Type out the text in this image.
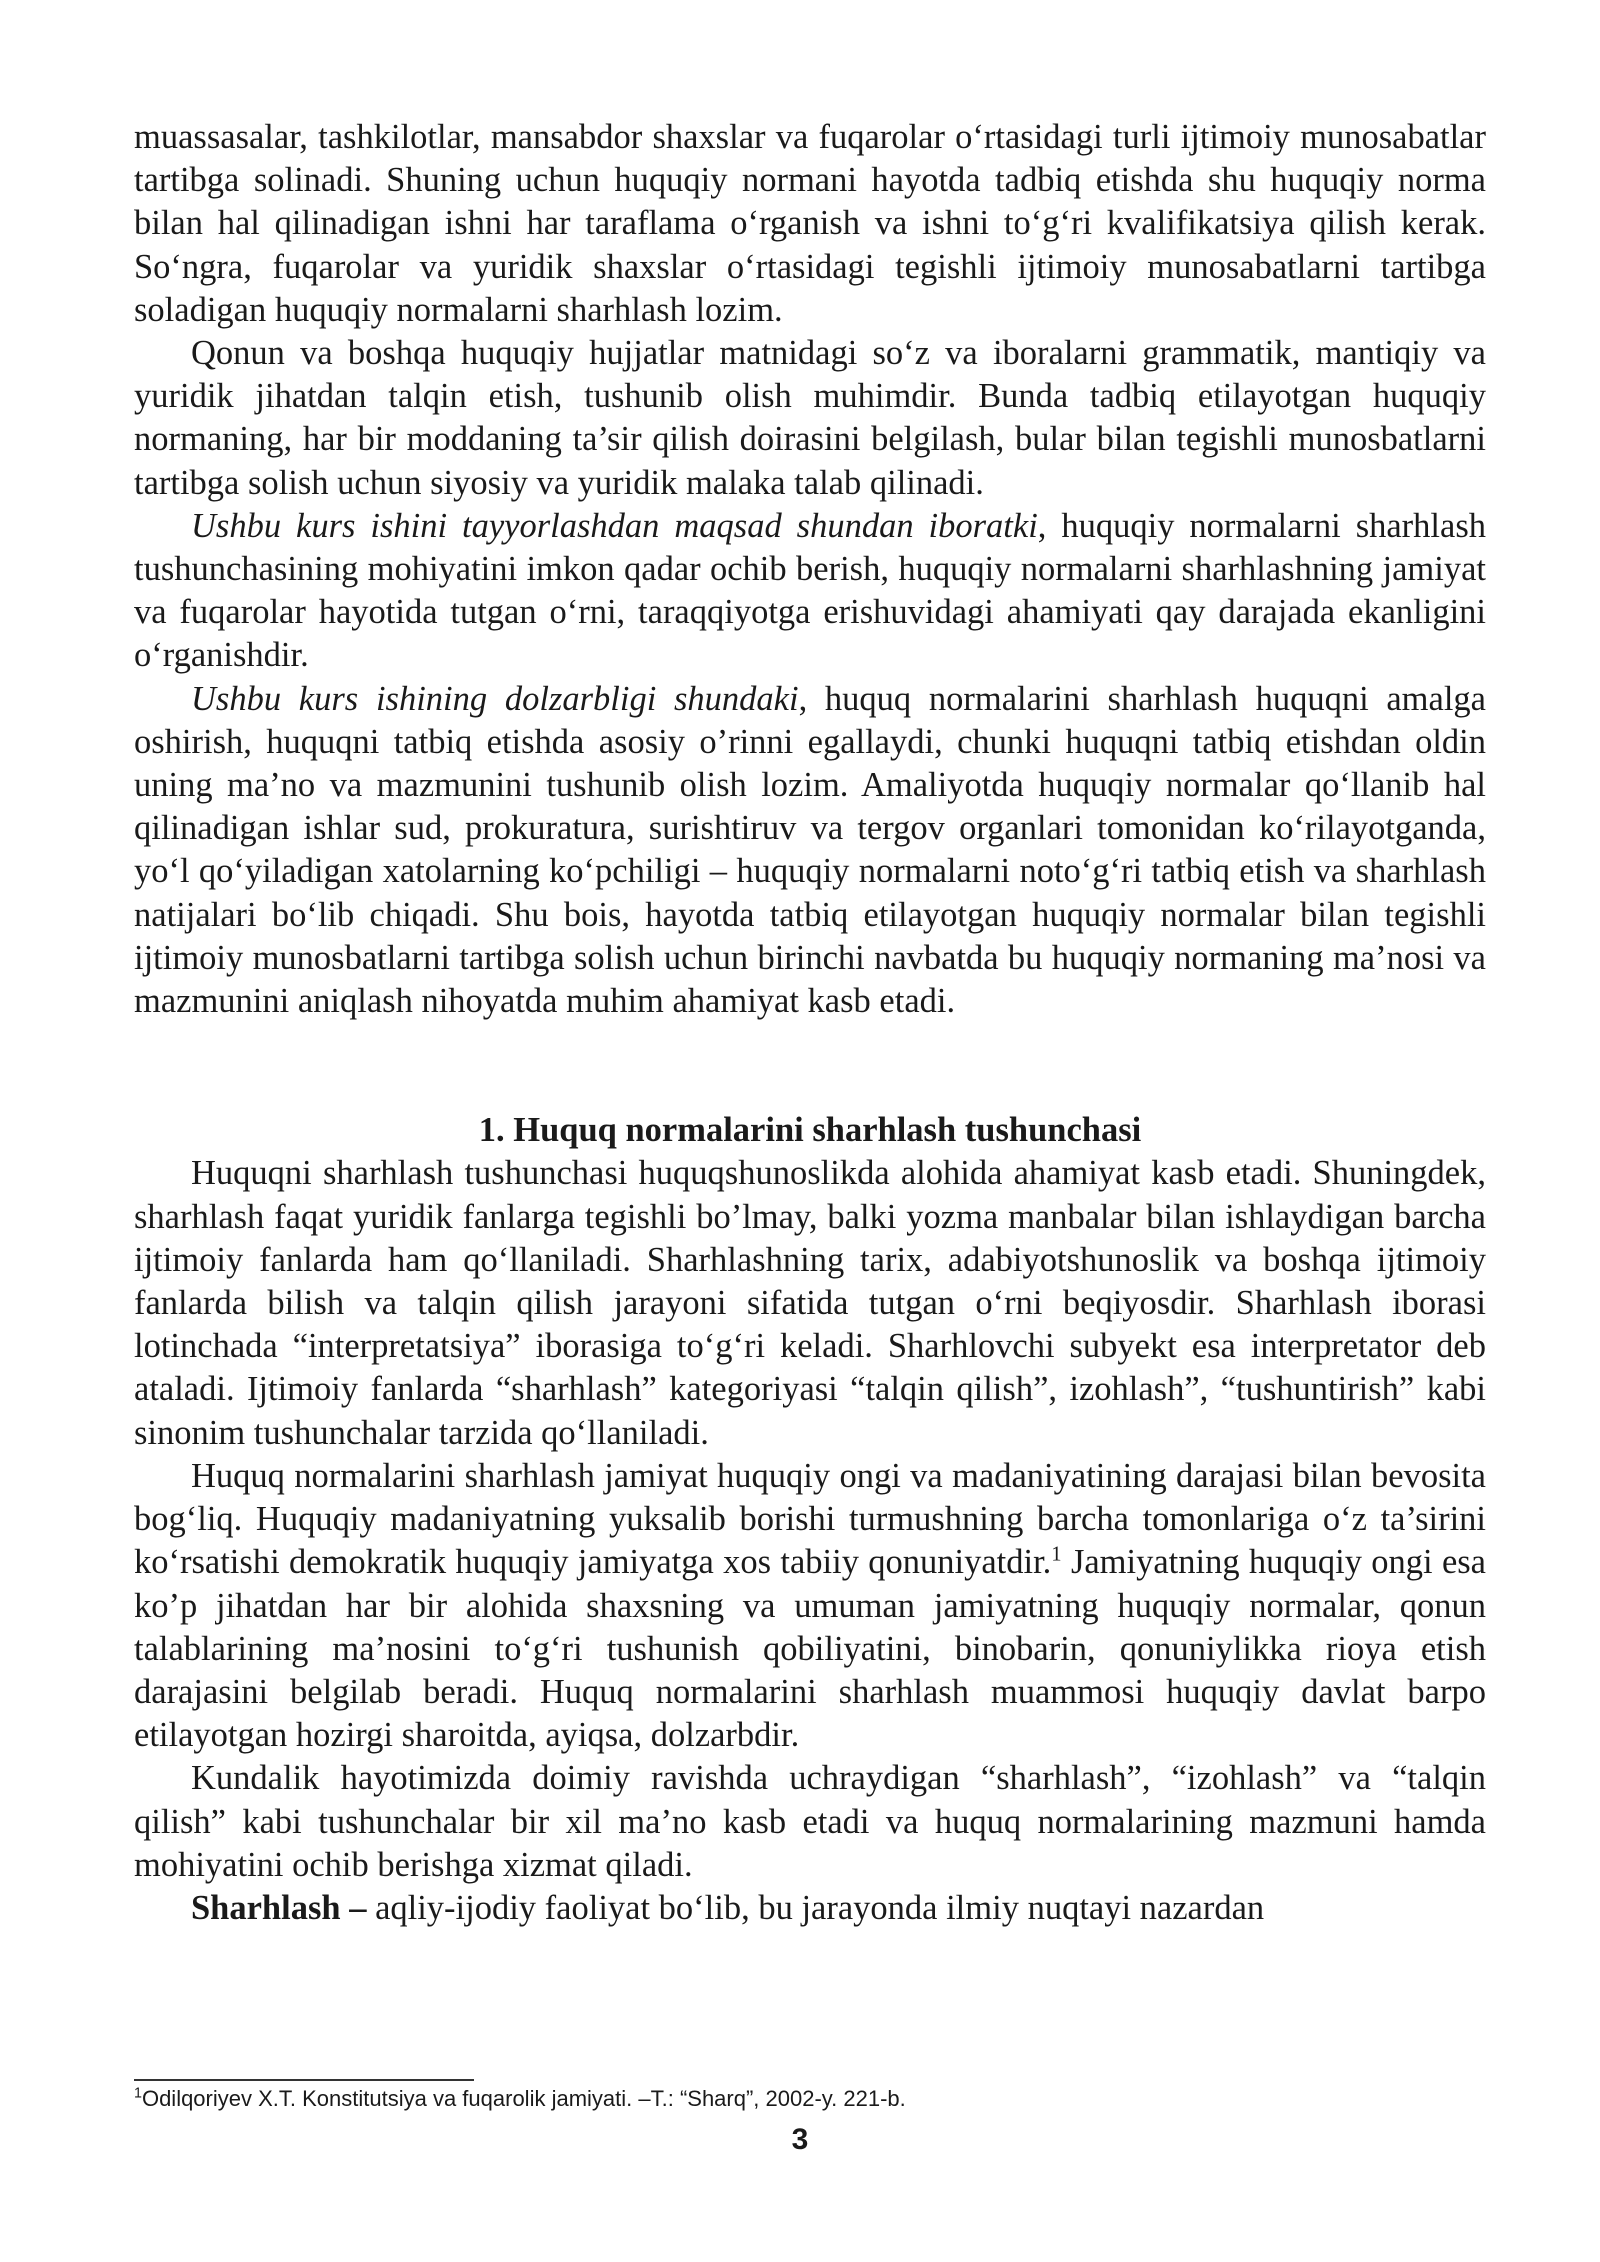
muassasalar, tashkilotlar, mansabdor shaxslar va fuqarolar o‘rtasidagi turli ijtimoiy munosabatlar tartibga solinadi. Shuning uchun huquqiy normani hayotda tadbiq etishda shu huquqiy norma bilan hal qilinadigan ishni har taraflama o‘rganish va ishni to‘g‘ri kvalifikatsiya qilish kerak. So‘ngra, fuqarolar va yuridik shaxslar o‘rtasidagi tegishli ijtimoiy munosabatlarni tartibga soladigan huquqiy normalarni sharhlash lozim.

Qonun va boshqa huquqiy hujjatlar matnidagi so‘z va iboralarni grammatik, mantiqiy va yuridik jihatdan talqin etish, tushunib olish muhimdir. Bunda tadbiq etilayotgan huquqiy normaning, har bir moddaning ta’sir qilish doirasini belgilash, bular bilan tegishli munosbatlarni tartibga solish uchun siyosiy va yuridik malaka talab qilinadi.

Ushbu kurs ishini tayyorlashdan maqsad shundan iboratki, huquqiy normalarni sharhlash tushunchasining mohiyatini imkon qadar ochib berish, huquqiy normalarni sharhlashning jamiyat va fuqarolar hayotida tutgan o‘rni, taraqqiyotga erishuvidagi ahamiyati qay darajada ekanligini o‘rganishdir.

Ushbu kurs ishining dolzarbligi shundaki, huquq normalarini sharhlash huquqni amalga oshirish, huquqni tatbiq etishda asosiy o’rinni egallaydi, chunki huquqni tatbiq etishdan oldin uning ma’no va mazmunini tushunib olish lozim. Amaliyotda huquqiy normalar qo‘llanib hal qilinadigan ishlar sud, prokuratura, surishtiruv va tergov organlari tomonidan ko‘rilayotganda, yo‘l qo‘yiladigan xatolarning ko‘pchiligi – huquqiy normalarni noto‘g‘ri tatbiq etish va sharhlash natijalari bo‘lib chiqadi. Shu bois, hayotda tatbiq etilayotgan huquqiy normalar bilan tegishli ijtimoiy munosbatlarni tartibga solish uchun birinchi navbatda bu huquqiy normaning ma’nosi va mazmunini aniqlash nihoyatda muhim ahamiyat kasb etadi.

1. Huquq normalarini sharhlash tushunchasi

Huquqni sharhlash tushunchasi huquqshunoslikda alohida ahamiyat kasb etadi. Shuningdek, sharhlash faqat yuridik fanlarga tegishli bo’lmay, balki yozma manbalar bilan ishlaydigan barcha ijtimoiy fanlarda ham qo‘llaniladi. Sharhlashning tarix, adabiyotshunoslik va boshqa ijtimoiy fanlarda bilish va talqin qilish jarayoni sifatida tutgan o‘rni beqiyosdir. Sharhlash iborasi lotinchada “interpretatsiya” iborasiga to‘g‘ri keladi. Sharhlovchi subyekt esa interpretator deb ataladi. Ijtimoiy fanlarda “sharhlash” kategoriyasi “talqin qilish”, izohlash”, “tushuntirish” kabi sinonim tushunchalar tarzida qo‘llaniladi.

Huquq normalarini sharhlash jamiyat huquqiy ongi va madaniyatining darajasi bilan bevosita bog‘liq. Huquqiy madaniyatning yuksalib borishi turmushning barcha tomonlariga o‘z ta’sirini ko‘rsatishi demokratik huquqiy jamiyatga xos tabiiy qonuniyatdir.$^1$ Jamiyatning huquqiy ongi esa ko’p jihatdan har bir alohida shaxsning va umuman jamiyatning huquqiy normalar, qonun talablarining ma’nosini to‘g‘ri tushunish qobiliyatini, binobarin, qonuniylikka rioya etish darajasini belgilab beradi. Huquq normalarini sharhlash muammosi huquqiy davlat barpo etilayotgan hozirgi sharoitda, ayiqsa, dolzarbdir.

Kundalik hayotimizda doimiy ravishda uchraydigan “sharhlash”, “izohlash” va “talqin qilish” kabi tushunchalar bir xil ma’no kasb etadi va huquq normalarining mazmuni hamda mohiyatini ochib berishga xizmat qiladi.

Sharhlash – aqliy-ijodiy faoliyat bo‘lib, bu jarayonda ilmiy nuqtayi nazardan

$^1$Odilqoriyev X.T. Konstitutsiya va fuqarolik jamiyati. –T.: “Sharq”, 2002-y. 221-b.
3
